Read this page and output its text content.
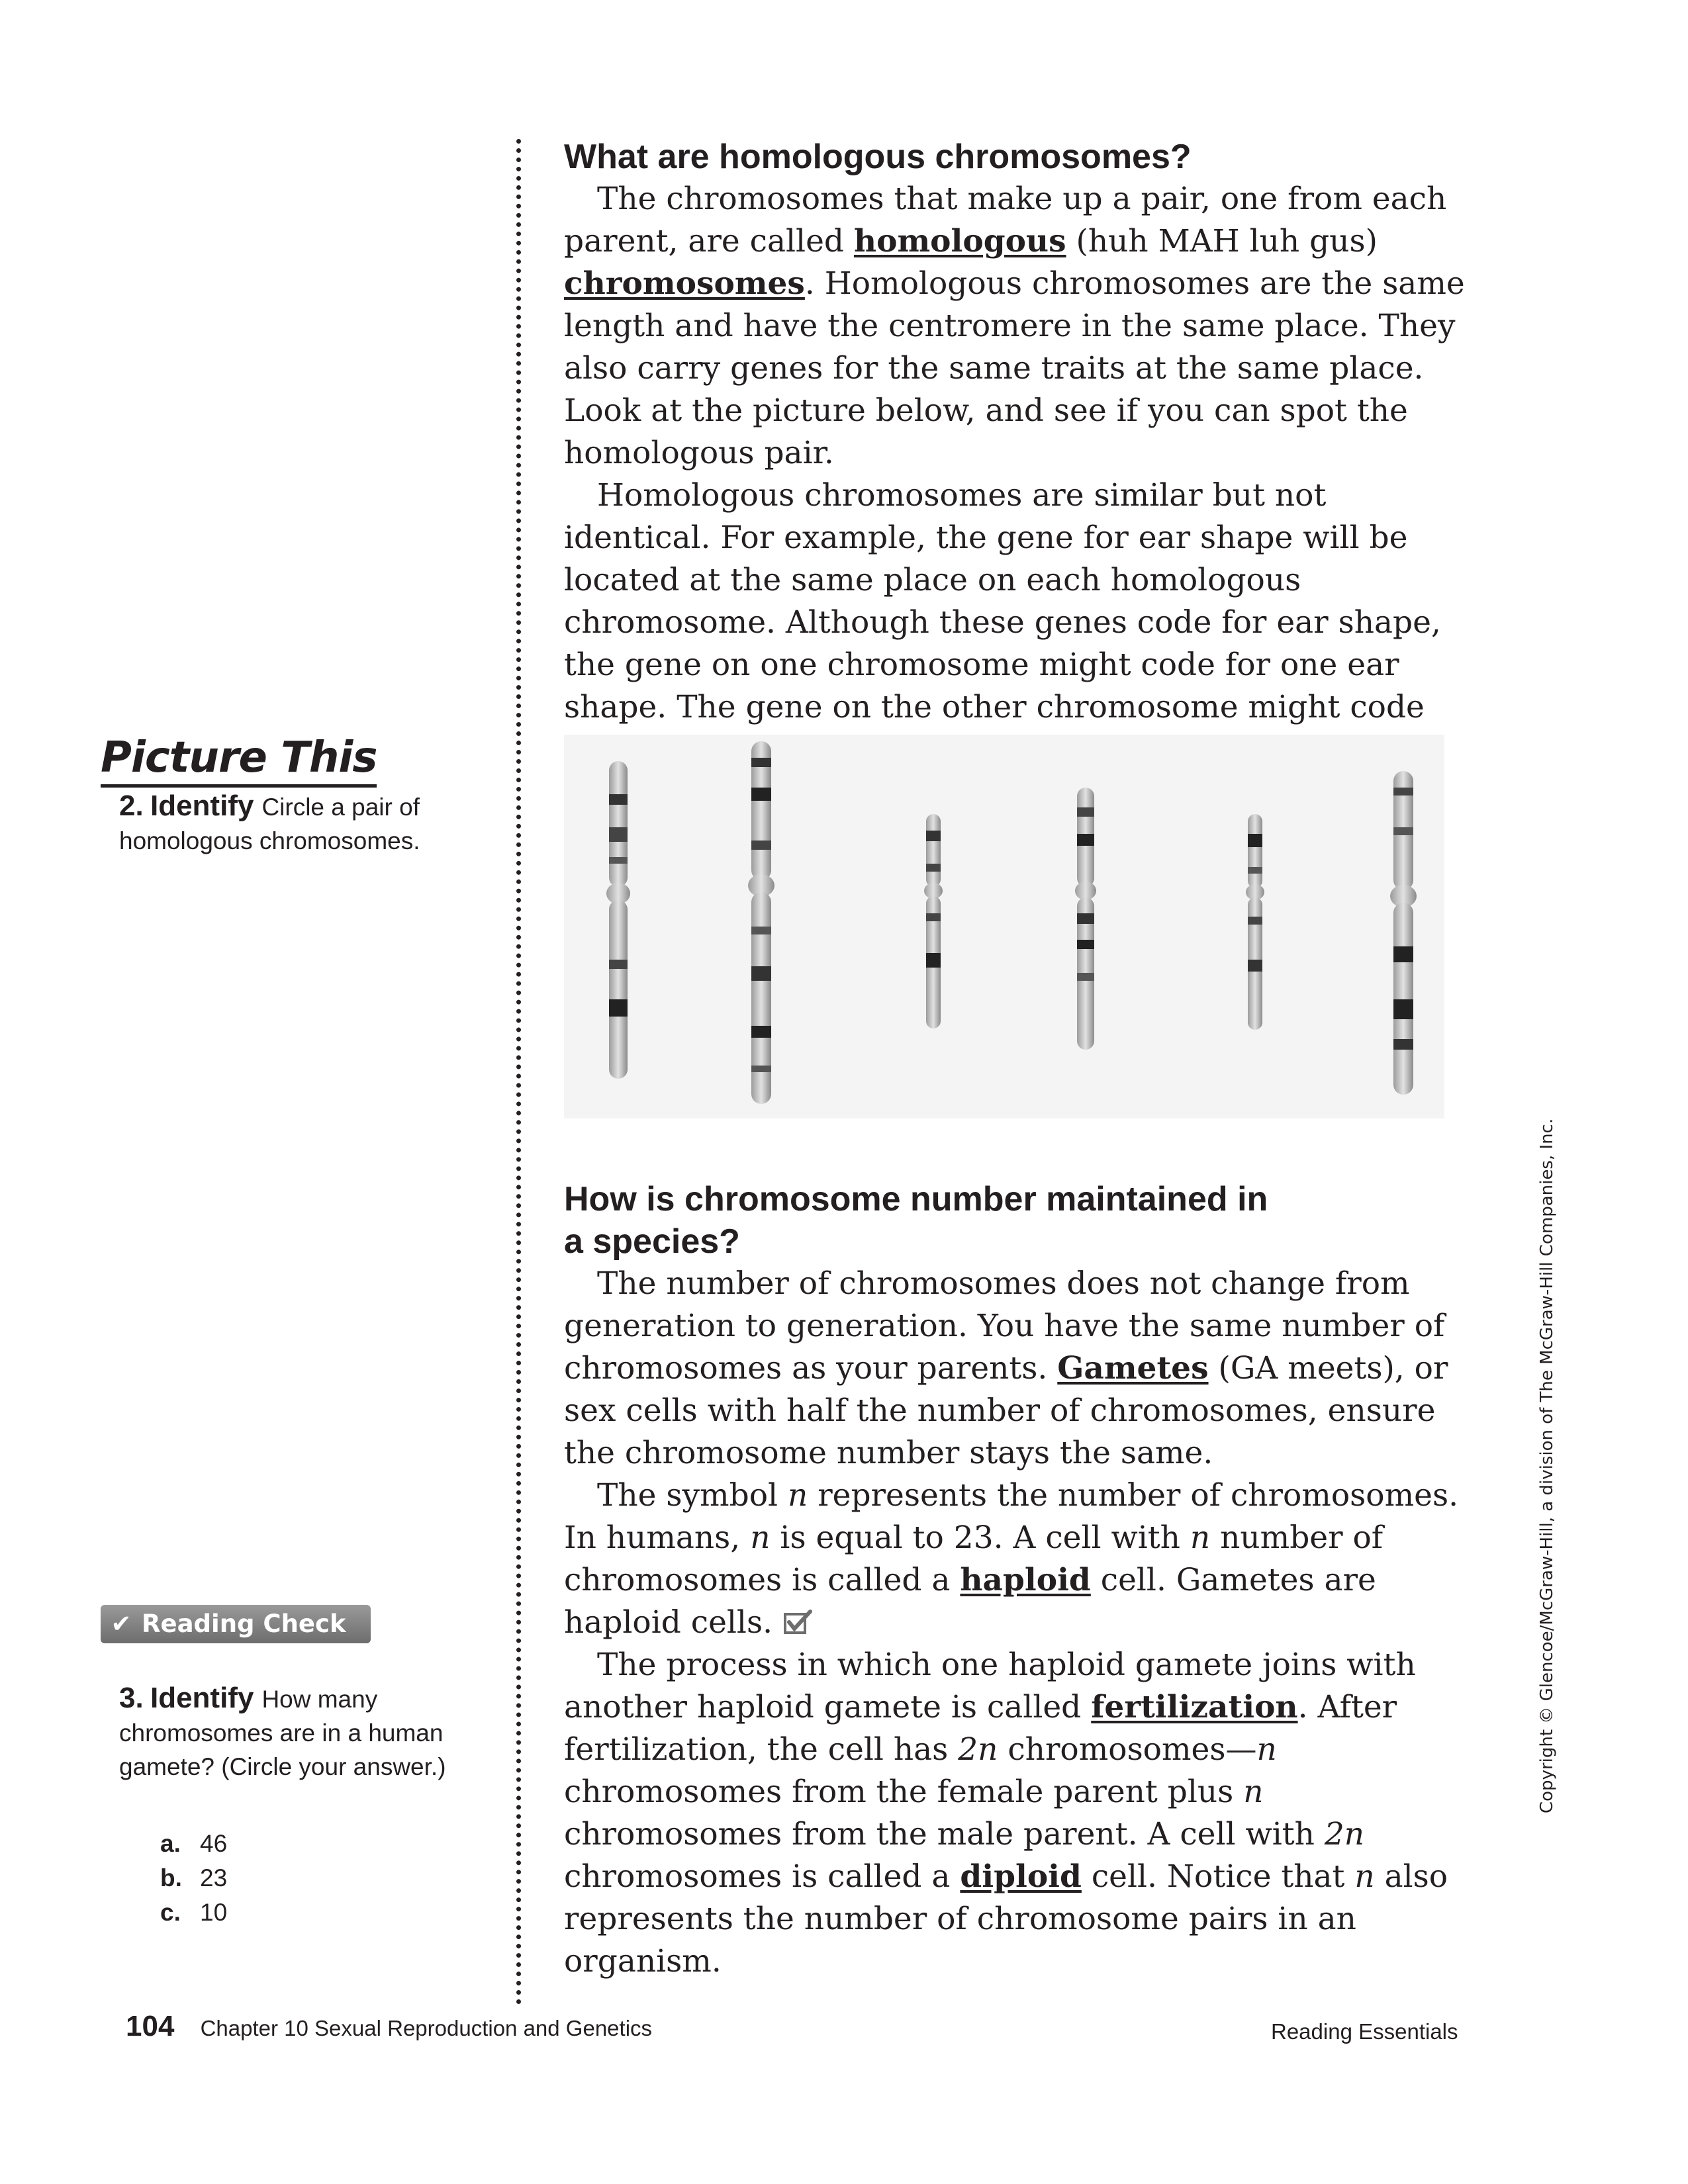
What are homologous chromosomes?

The chromosomes that make up a pair, one from each parent, are called homologous (huh MAH luh gus) chromosomes. Homologous chromosomes are the same length and have the centromere in the same place. They also carry genes for the same traits at the same place. Look at the picture below, and see if you can spot the homologous pair.

Homologous chromosomes are similar but not identical. For example, the gene for ear shape will be located at the same place on each homologous chromosome. Although these genes code for ear shape, the gene on one chromosome might code for one ear shape. The gene on the other chromosome might code

How is chromosome number maintained in
a species?

The number of chromosomes does not change from generation to generation. You have the same number of chromosomes as your parents. Gametes (GA meets), or sex cells with half the number of chromosomes, ensure the chromosome number stays the same.

The symbol n represents the number of chromosomes. In humans, n is equal to 23. A cell with n number of chromosomes is called a haploid cell. Gametes are haploid cells.

The process in which one haploid gamete joins with another haploid gamete is called fertilization. After fertilization, the cell has 2n chromosomes—n chromosomes from the female parent plus n chromosomes from the male parent. A cell with 2n chromosomes is called a diploid cell. Notice that n also represents the number of chromosome pairs in an organism.

Picture This
2. Identify Circle a pair of homologous chromosomes.
✔ Reading Check
3. Identify How many chromosomes are in a human gamete? (Circle your answer.)
a. 46
b. 23
c. 10
104 Chapter 10 Sexual Reproduction and Genetics	Reading Essentials
Copyright © Glencoe/McGraw-Hill, a division of The McGraw-Hill Companies, Inc.
